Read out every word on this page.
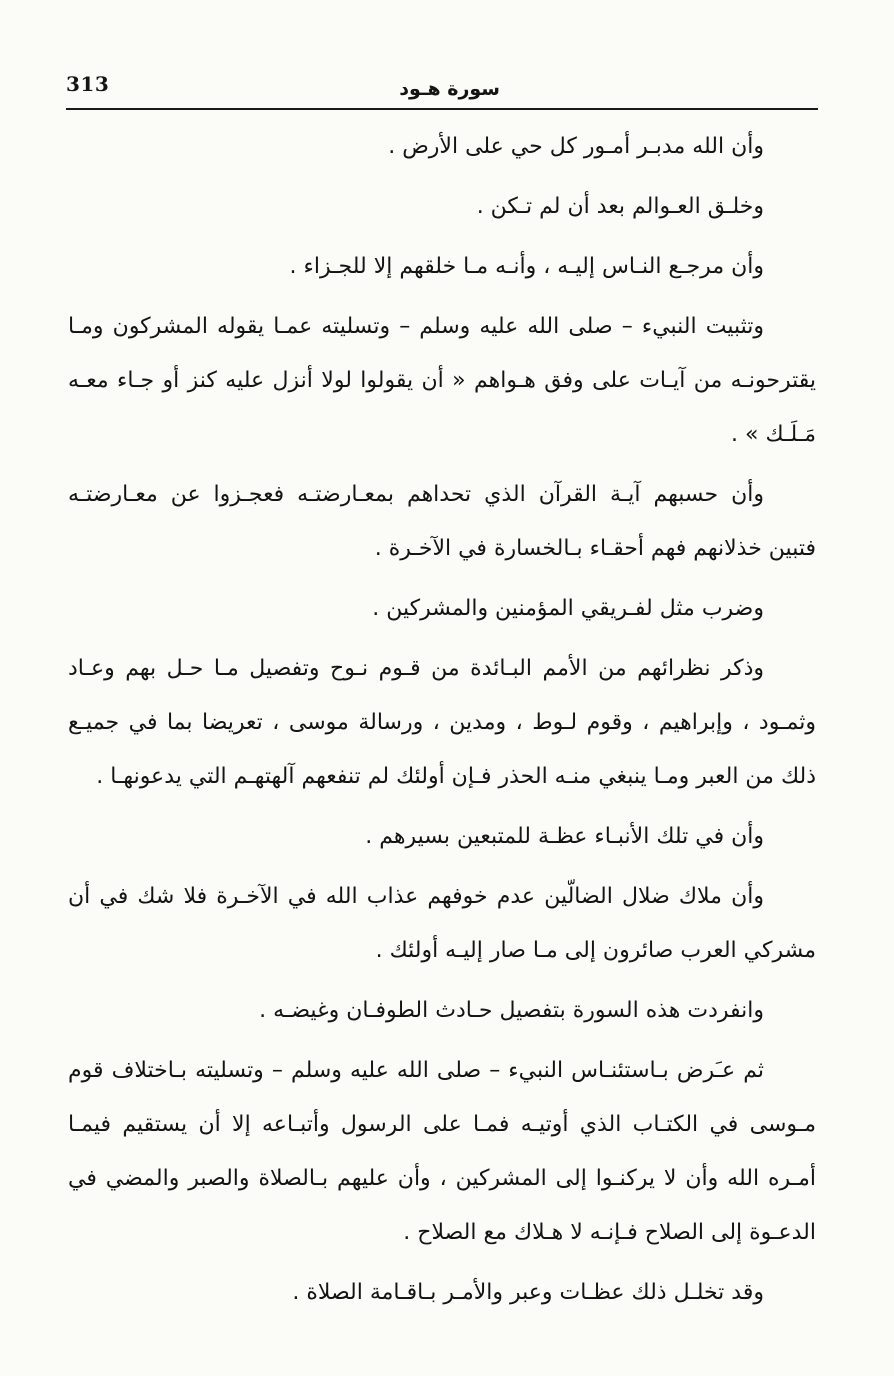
313	سورة هـود

وأن الله مدبـر أمـور كل حي على الأرض .

وخلـق العـوالم بعد أن لم تـكن .

وأن مرجـع النـاس إليـه ، وأنـه مـا خلقهم إلا للجـزاء .

وتثبيت النبيء – صلى الله عليه وسلم – وتسليته عمـا يقوله المشركون ومـا يقترحونـه من آيـات على وفق هـواهم « أن يقولوا لولا أنزل عليه كنز أو جـاء معـه مَـلَـك » .

وأن حسبهم آيـة القرآن الذي تحداهم بمعـارضتـه فعجـزوا عن معـارضتـه فتبين خذلانهم فهم أحقـاء بـالخسارة في الآخـرة .

وضرب مثل لفـريقي المؤمنين والمشركين .

وذكر نظرائهم من الأمم البـائدة من قـوم نـوح وتفصيل مـا حـل بهم وعـاد وثمـود ، وإبراهيم ، وقوم لـوط ، ومدين ، ورسالة موسى ، تعريضا بما في جميـع ذلك من العبر ومـا ينبغي منـه الحذر فـإن أولئك لم تنفعهم آلهتهـم التي يدعونهـا .

وأن في تلك الأنبـاء عظـة للمتبعين بسيرهم .

وأن ملاك ضلال الضالّين عدم خوفهم عذاب الله في الآخـرة فلا شك في أن مشركي العرب صائرون إلى مـا صار إليـه أولئك .

وانفردت هذه السورة بتفصيل حـادث الطوفـان وغيضـه .

ثم عـَرض بـاستئنـاس النبيء – صلى الله عليه وسلم – وتسليته بـاختلاف قوم مـوسى في الكتـاب الذي أوتيـه فمـا على الرسول وأتبـاعه إلا أن يستقيم فيمـا أمـره الله وأن لا يركنـوا إلى المشركين ، وأن عليهم بـالصلاة والصبر والمضي في الدعـوة إلى الصلاح فـإنـه لا هـلاك مع الصلاح .

وقد تخلـل ذلك عظـات وعبر والأمـر بـاقـامة الصلاة .
